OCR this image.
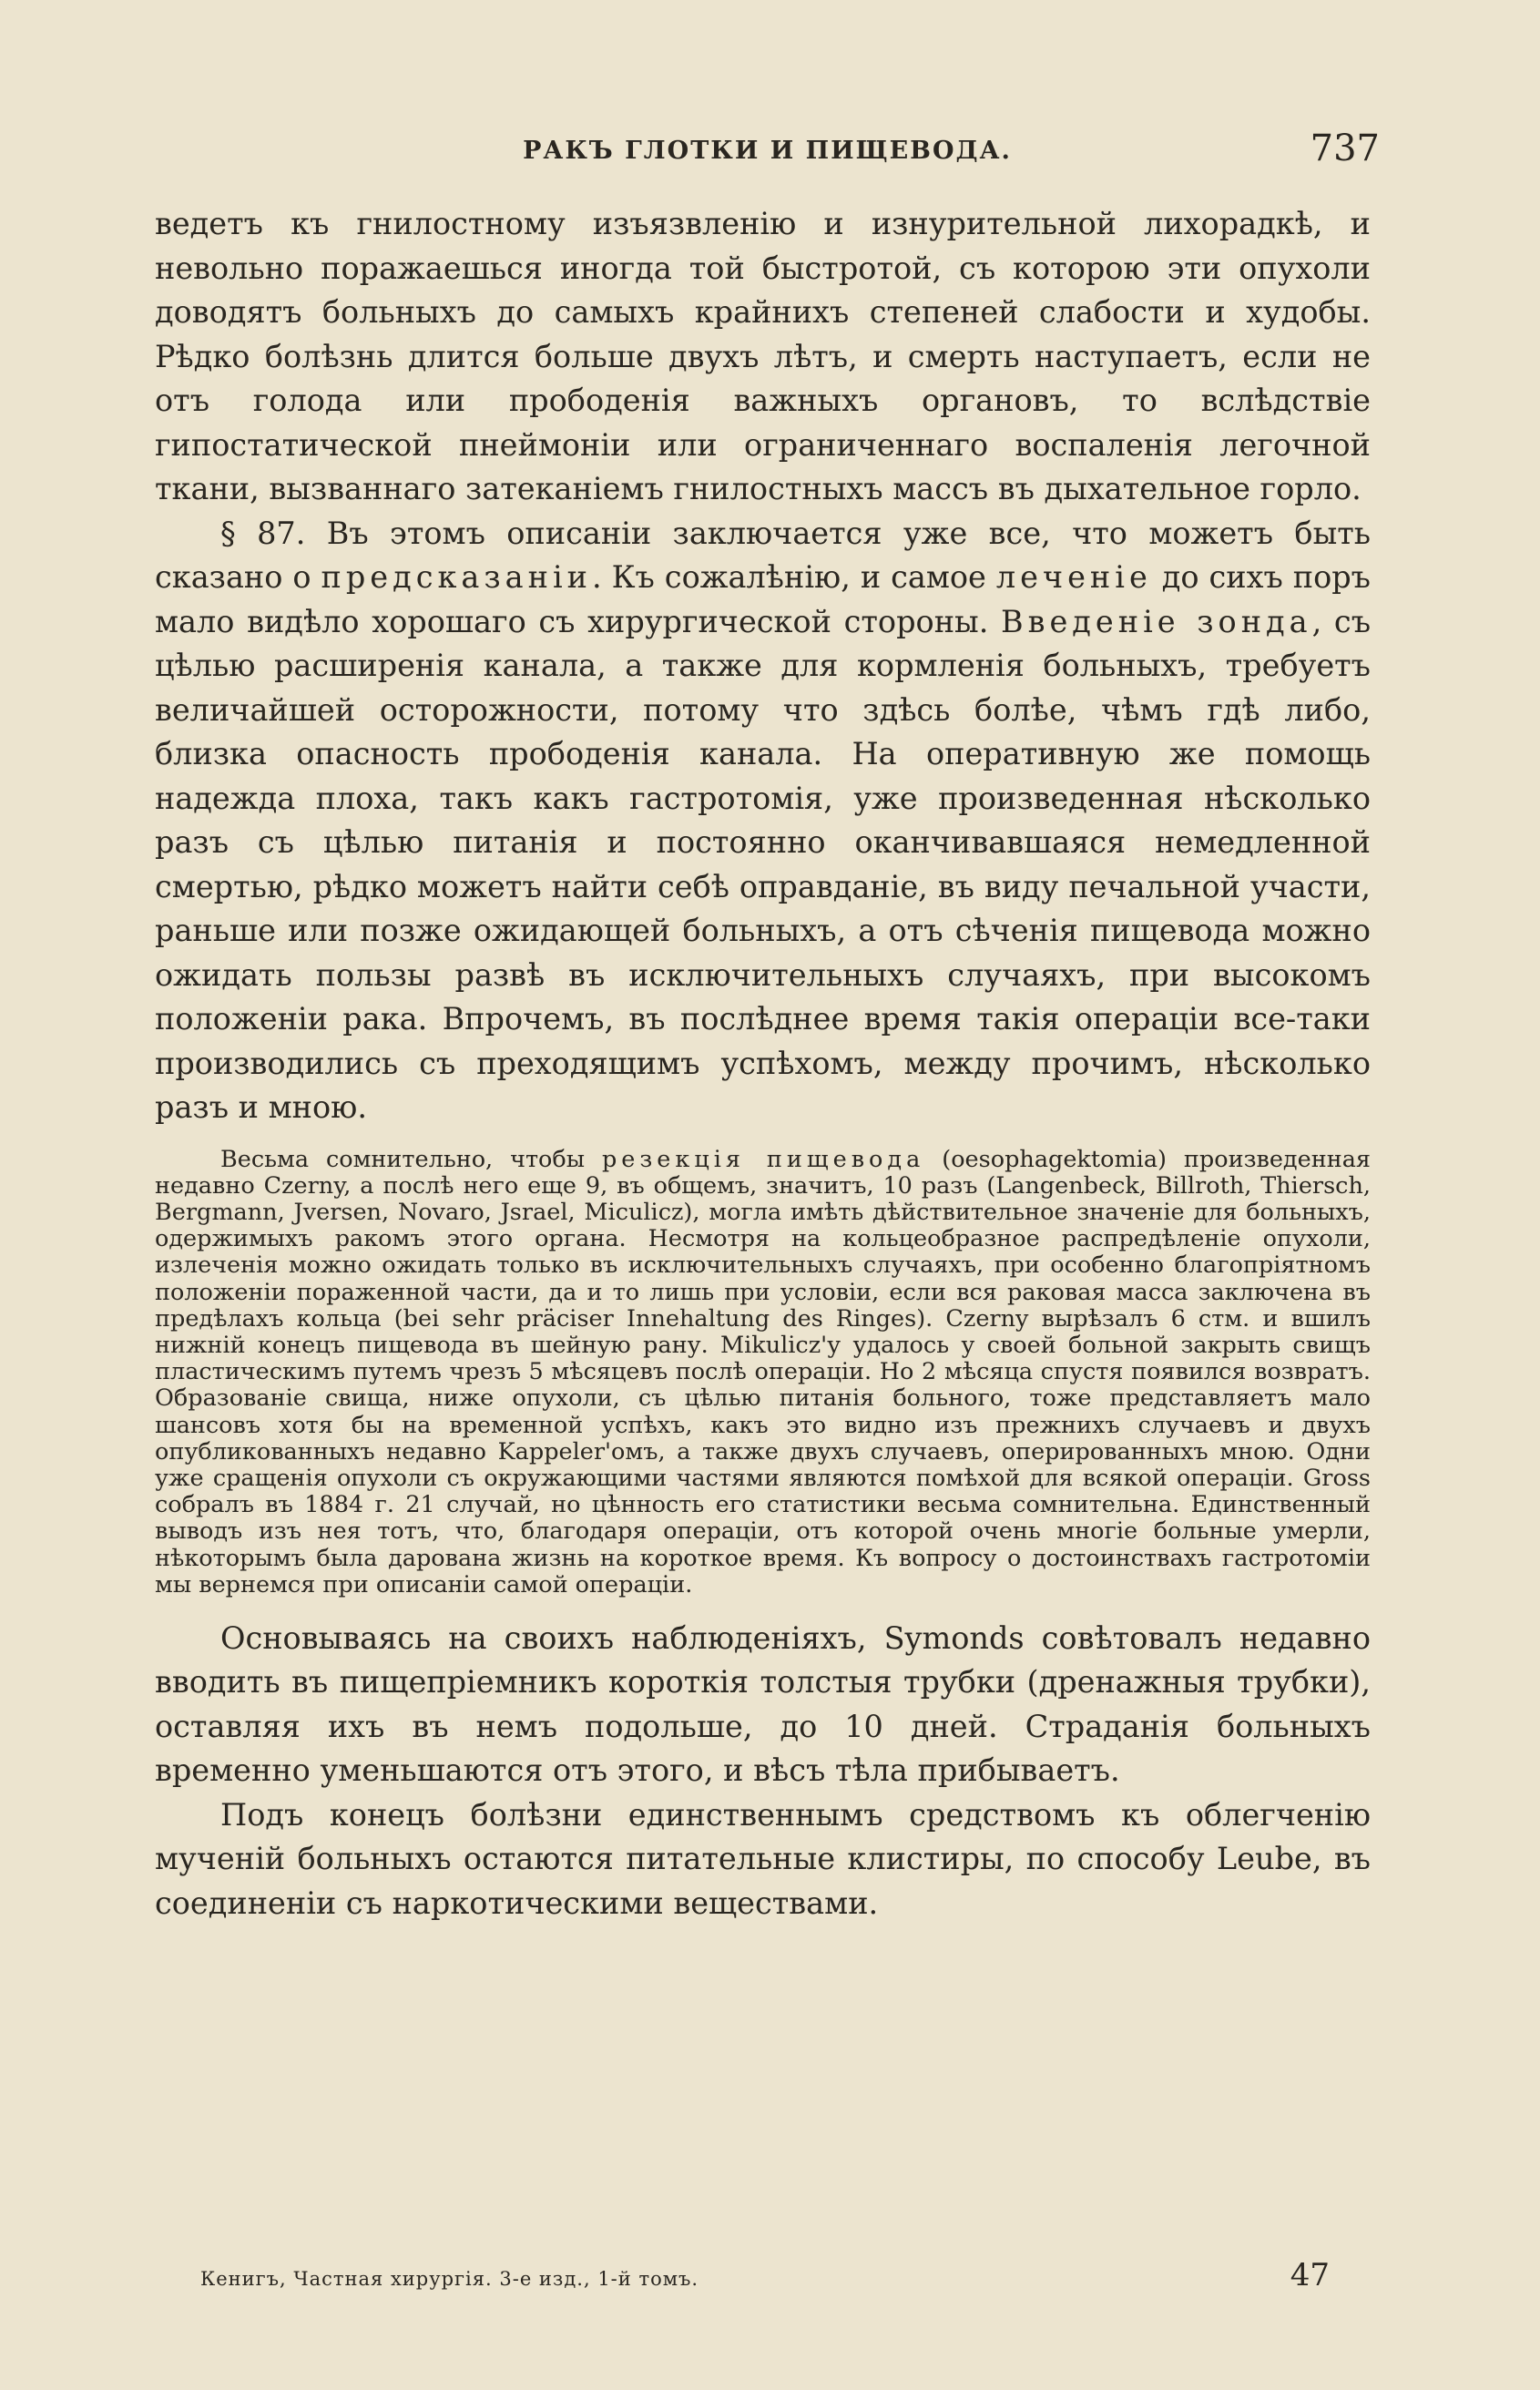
РАКЪ ГЛОТКИ И ПИЩЕВОДА.	737

ведетъ къ гнилостному изъязвленію и изнурительной лихорадкѣ, и невольно поражаешься иногда той быстротой, съ которою эти опухоли доводятъ больныхъ до самыхъ крайнихъ степеней слабости и худобы. Рѣдко болѣзнь длится больше двухъ лѣтъ, и смерть наступаетъ, если не отъ голода или прободенія важныхъ органовъ, то вслѣдствіе гипостатической пнеймоніи или ограниченнаго воспаленія легочной ткани, вызваннаго затеканіемъ гнилостныхъ массъ въ дыхательное горло.

§ 87. Въ этомъ описаніи заключается уже все, что можетъ быть сказано о предсказаніи. Къ сожалѣнію, и самое леченіе до сихъ поръ мало видѣло хорошаго съ хирургической стороны. Введеніе зонда, съ цѣлью расширенія канала, а также для кормленія больныхъ, требуетъ величайшей осторожности, потому что здѣсь болѣе, чѣмъ гдѣ либо, близка опасность прободенія канала. На оперативную же помощь надежда плоха, такъ какъ гастротомія, уже произведенная нѣсколько разъ съ цѣлью питанія и постоянно оканчивавшаяся немедленной смертью, рѣдко можетъ найти себѣ оправданіе, въ виду печальной участи, раньше или позже ожидающей больныхъ, а отъ сѣченія пищевода можно ожидать пользы развѣ въ исключительныхъ случаяхъ, при высокомъ положеніи рака. Впрочемъ, въ послѣднее время такія операціи все-таки производились съ преходящимъ успѣхомъ, между прочимъ, нѣсколько разъ и мною.

Весьма сомнительно, чтобы резекція пищевода (oesophagektomia) произведенная недавно Czerny, а послѣ него еще 9, въ общемъ, значитъ, 10 разъ (Langenbeck, Billroth, Thiersch, Bergmann, Jversen, Novaro, Jsrael, Miculicz), могла имѣть дѣйствительное значеніе для больныхъ, одержимыхъ ракомъ этого органа. Несмотря на кольцеобразное распредѣленіе опухоли, излеченія можно ожидать только въ исключительныхъ случаяхъ, при особенно благопріятномъ положеніи пораженной части, да и то лишь при условіи, если вся раковая масса заключена въ предѣлахъ кольца (bei sehr präciser Innehaltung des Ringes). Czerny вырѣзалъ 6 стм. и вшилъ нижній конецъ пищевода въ шейную рану. Mikulicz'у удалось у своей больной закрыть свищъ пластическимъ путемъ чрезъ 5 мѣсяцевъ послѣ операціи. Но 2 мѣсяца спустя появился возвратъ. Образованіе свища, ниже опухоли, съ цѣлью питанія больного, тоже представляетъ мало шансовъ хотя бы на временной успѣхъ, какъ это видно изъ прежнихъ случаевъ и двухъ опубликованныхъ недавно Kappeler'омъ, а также двухъ случаевъ, оперированныхъ мною. Одни уже сращенія опухоли съ окружающими частями являются помѣхой для всякой операціи. Gross собралъ въ 1884 г. 21 случай, но цѣнность его статистики весьма сомнительна. Единственный выводъ изъ нея тотъ, что, благодаря операціи, отъ которой очень многіе больные умерли, нѣкоторымъ была дарована жизнь на короткое время. Къ вопросу о достоинствахъ гастротоміи мы вернемся при описаніи самой операціи.

Основываясь на своихъ наблюденіяхъ, Symonds совѣтовалъ недавно вводить въ пищепріемникъ короткія толстыя трубки (дренажныя трубки), оставляя ихъ въ немъ подольше, до 10 дней. Страданія больныхъ временно уменьшаются отъ этого, и вѣсъ тѣла прибываетъ.

Подъ конецъ болѣзни единственнымъ средствомъ къ облегченію мученій больныхъ остаются питательные клистиры, по способу Leube, въ соединеніи съ наркотическими веществами.

Кенигъ, Частная хирургія. 3-е изд., 1-й томъ.	47
